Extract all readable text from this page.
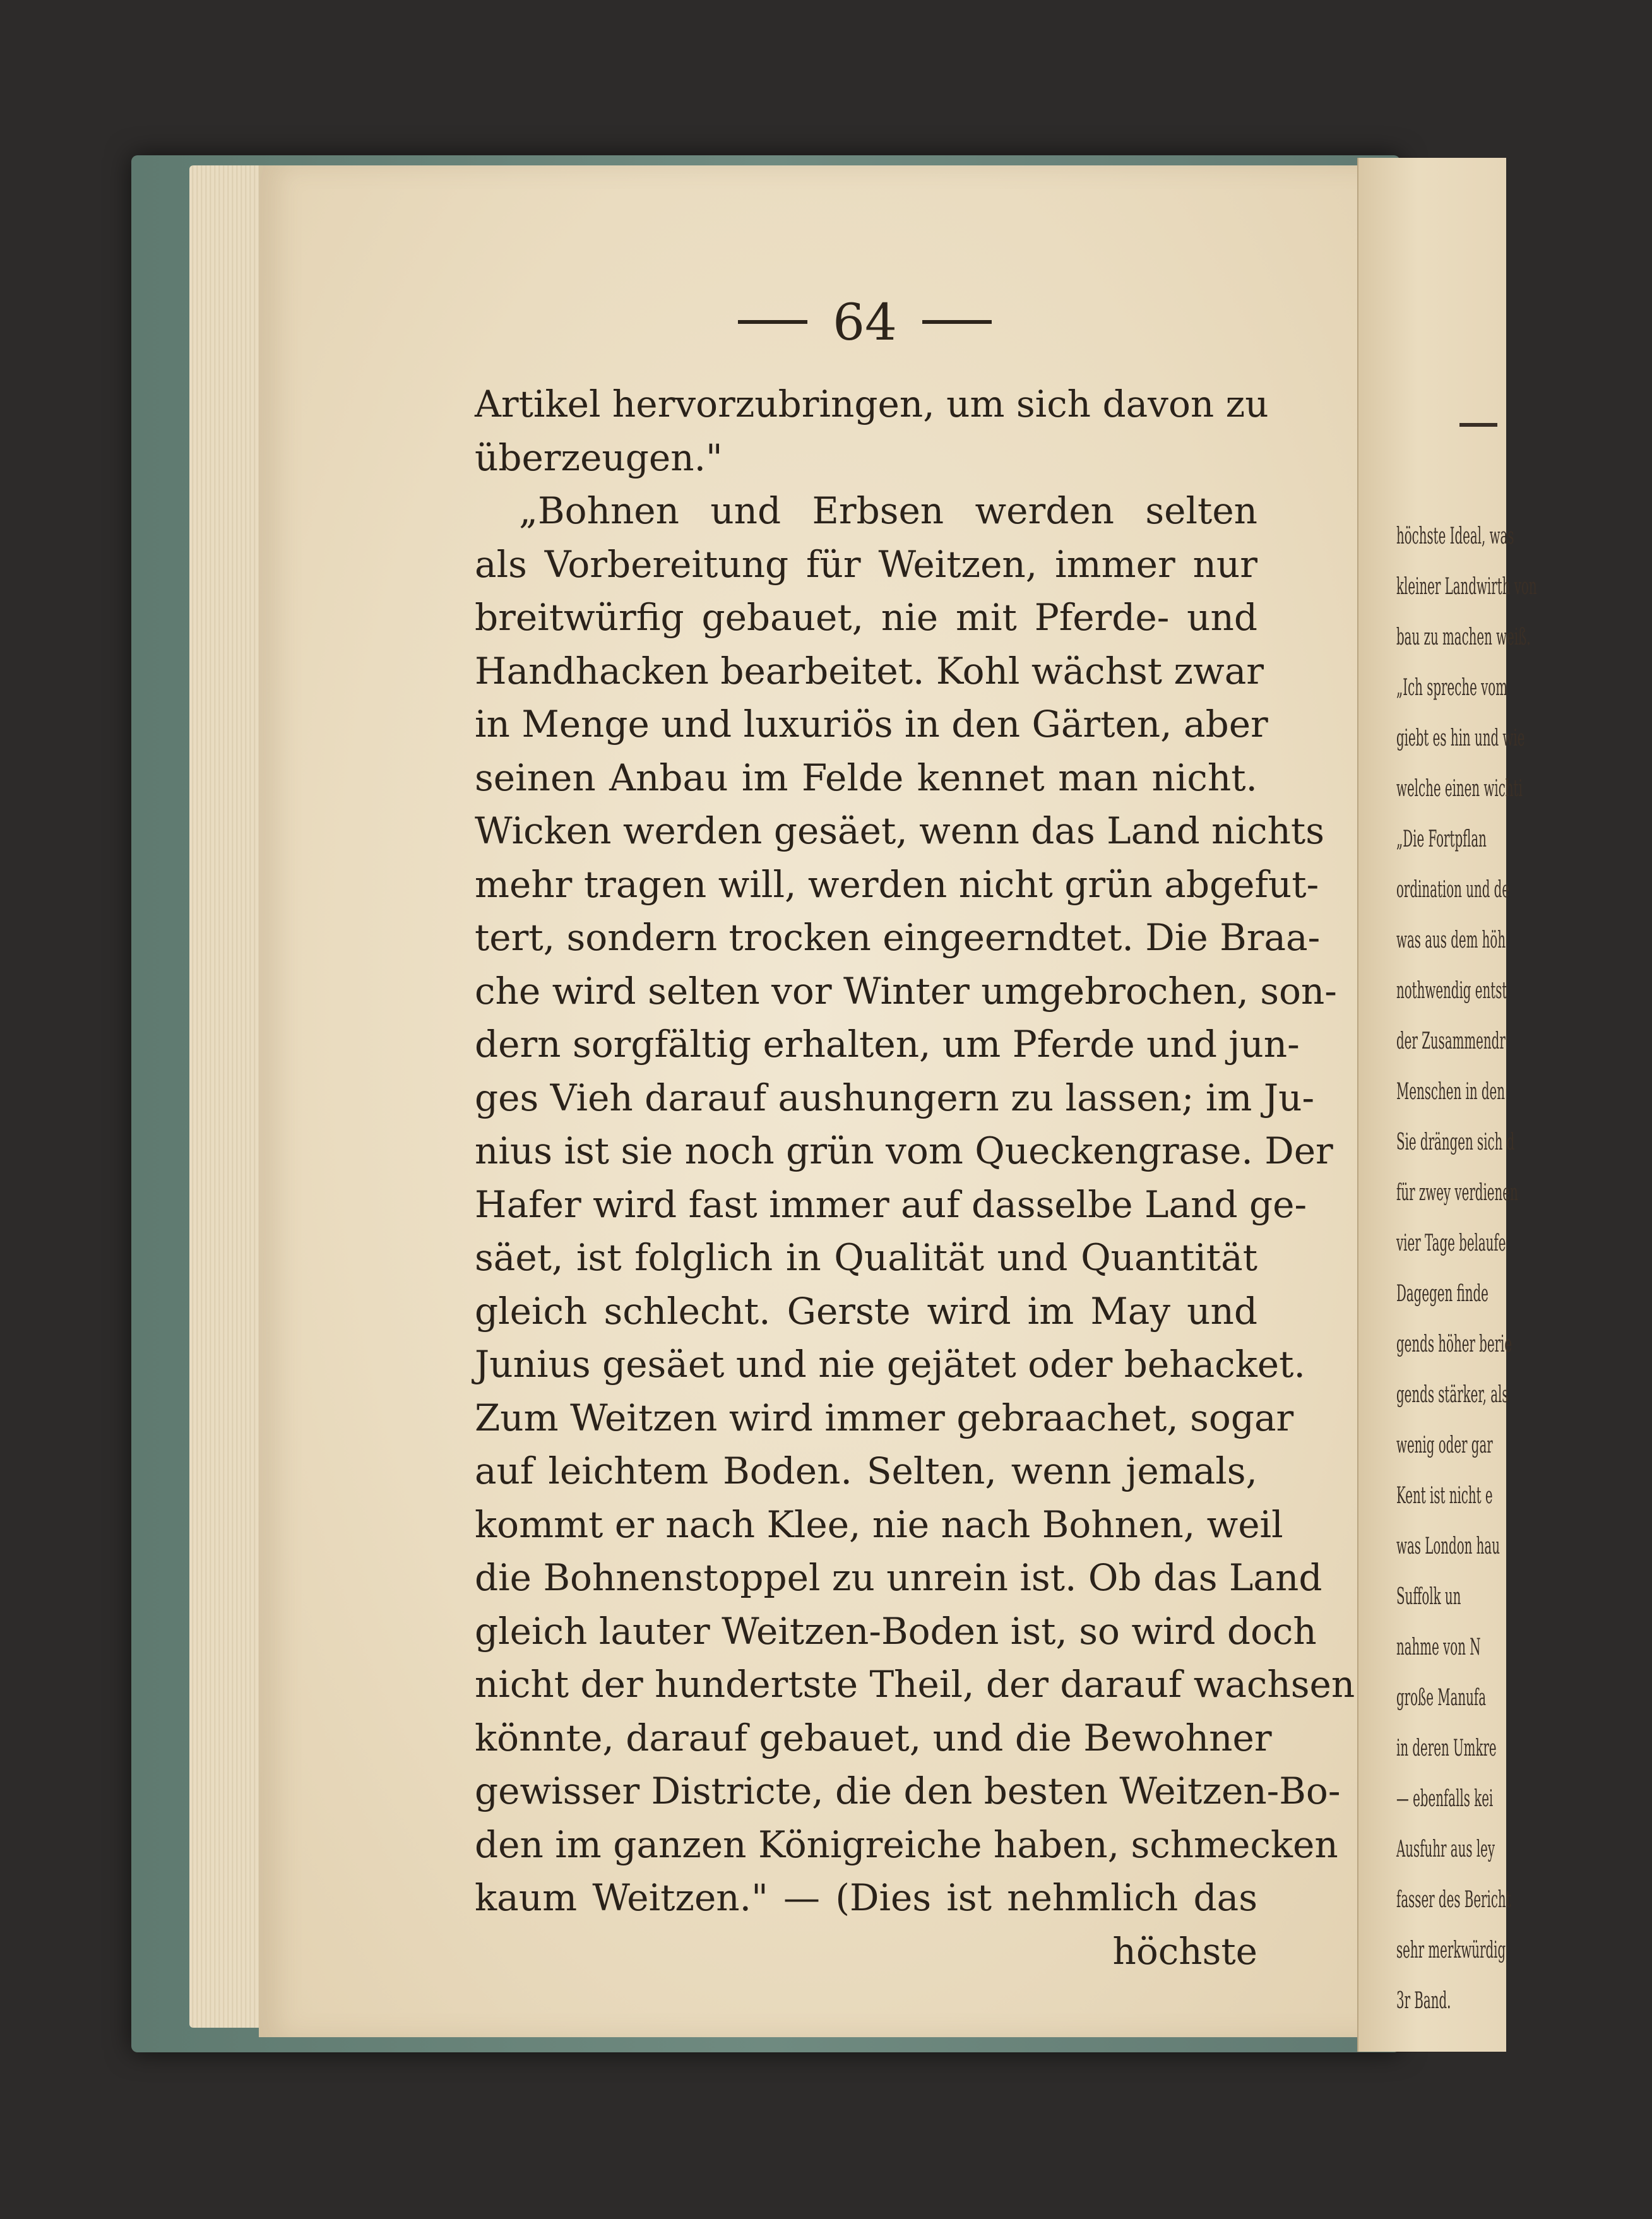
64
Artikel hervorzubringen, um sich davon zu
überzeugen."
„Bohnen und Erbsen werden selten
als Vorbereitung für Weitzen, immer nur
breitwürfig gebauet, nie mit Pferde- und
Handhacken bearbeitet. Kohl wächst zwar
in Menge und luxuriös in den Gärten, aber
seinen Anbau im Felde kennet man nicht.
Wicken werden gesäet, wenn das Land nichts
mehr tragen will, werden nicht grün abgefut-
tert, sondern trocken eingeerndtet. Die Braa-
che wird selten vor Winter umgebrochen, son-
dern sorgfältig erhalten, um Pferde und jun-
ges Vieh darauf aushungern zu lassen; im Ju-
nius ist sie noch grün vom Queckengrase. Der
Hafer wird fast immer auf dasselbe Land ge-
säet, ist folglich in Qualität und Quantität
gleich schlecht. Gerste wird im May und
Junius gesäet und nie gejätet oder behacket.
Zum Weitzen wird immer gebraachet, sogar
auf leichtem Boden. Selten, wenn jemals,
kommt er nach Klee, nie nach Bohnen, weil
die Bohnenstoppel zu unrein ist. Ob das Land
gleich lauter Weitzen-Boden ist, so wird doch
nicht der hundertste Theil, der darauf wachsen
könnte, darauf gebauet, und die Bewohner
gewisser Districte, die den besten Weitzen-Bo-
den im ganzen Königreiche haben, schmecken
kaum Weitzen." — (Dies ist nehmlich das
höchste
höchste Ideal, was
kleiner Landwirth von
bau zu machen weiß.
„Ich spreche vom
giebt es hin und wie
welche einen wichti
„Die Fortpflan
ordination und de
was aus dem höh
nothwendig entst
der Zusammendr
Menschen in den
Sie drängen sich d
für zwey verdienen
vier Tage belaufe
Dagegen finde
gends höher berie
gends stärker, als
wenig oder gar
Kent ist nicht e
was London hau
Suffolk un
nahme von N
große Manufa
in deren Umkre
— ebenfalls kei
Ausfuhr aus ley
fasser des Bericht
sehr merkwürdig
3r Band.
